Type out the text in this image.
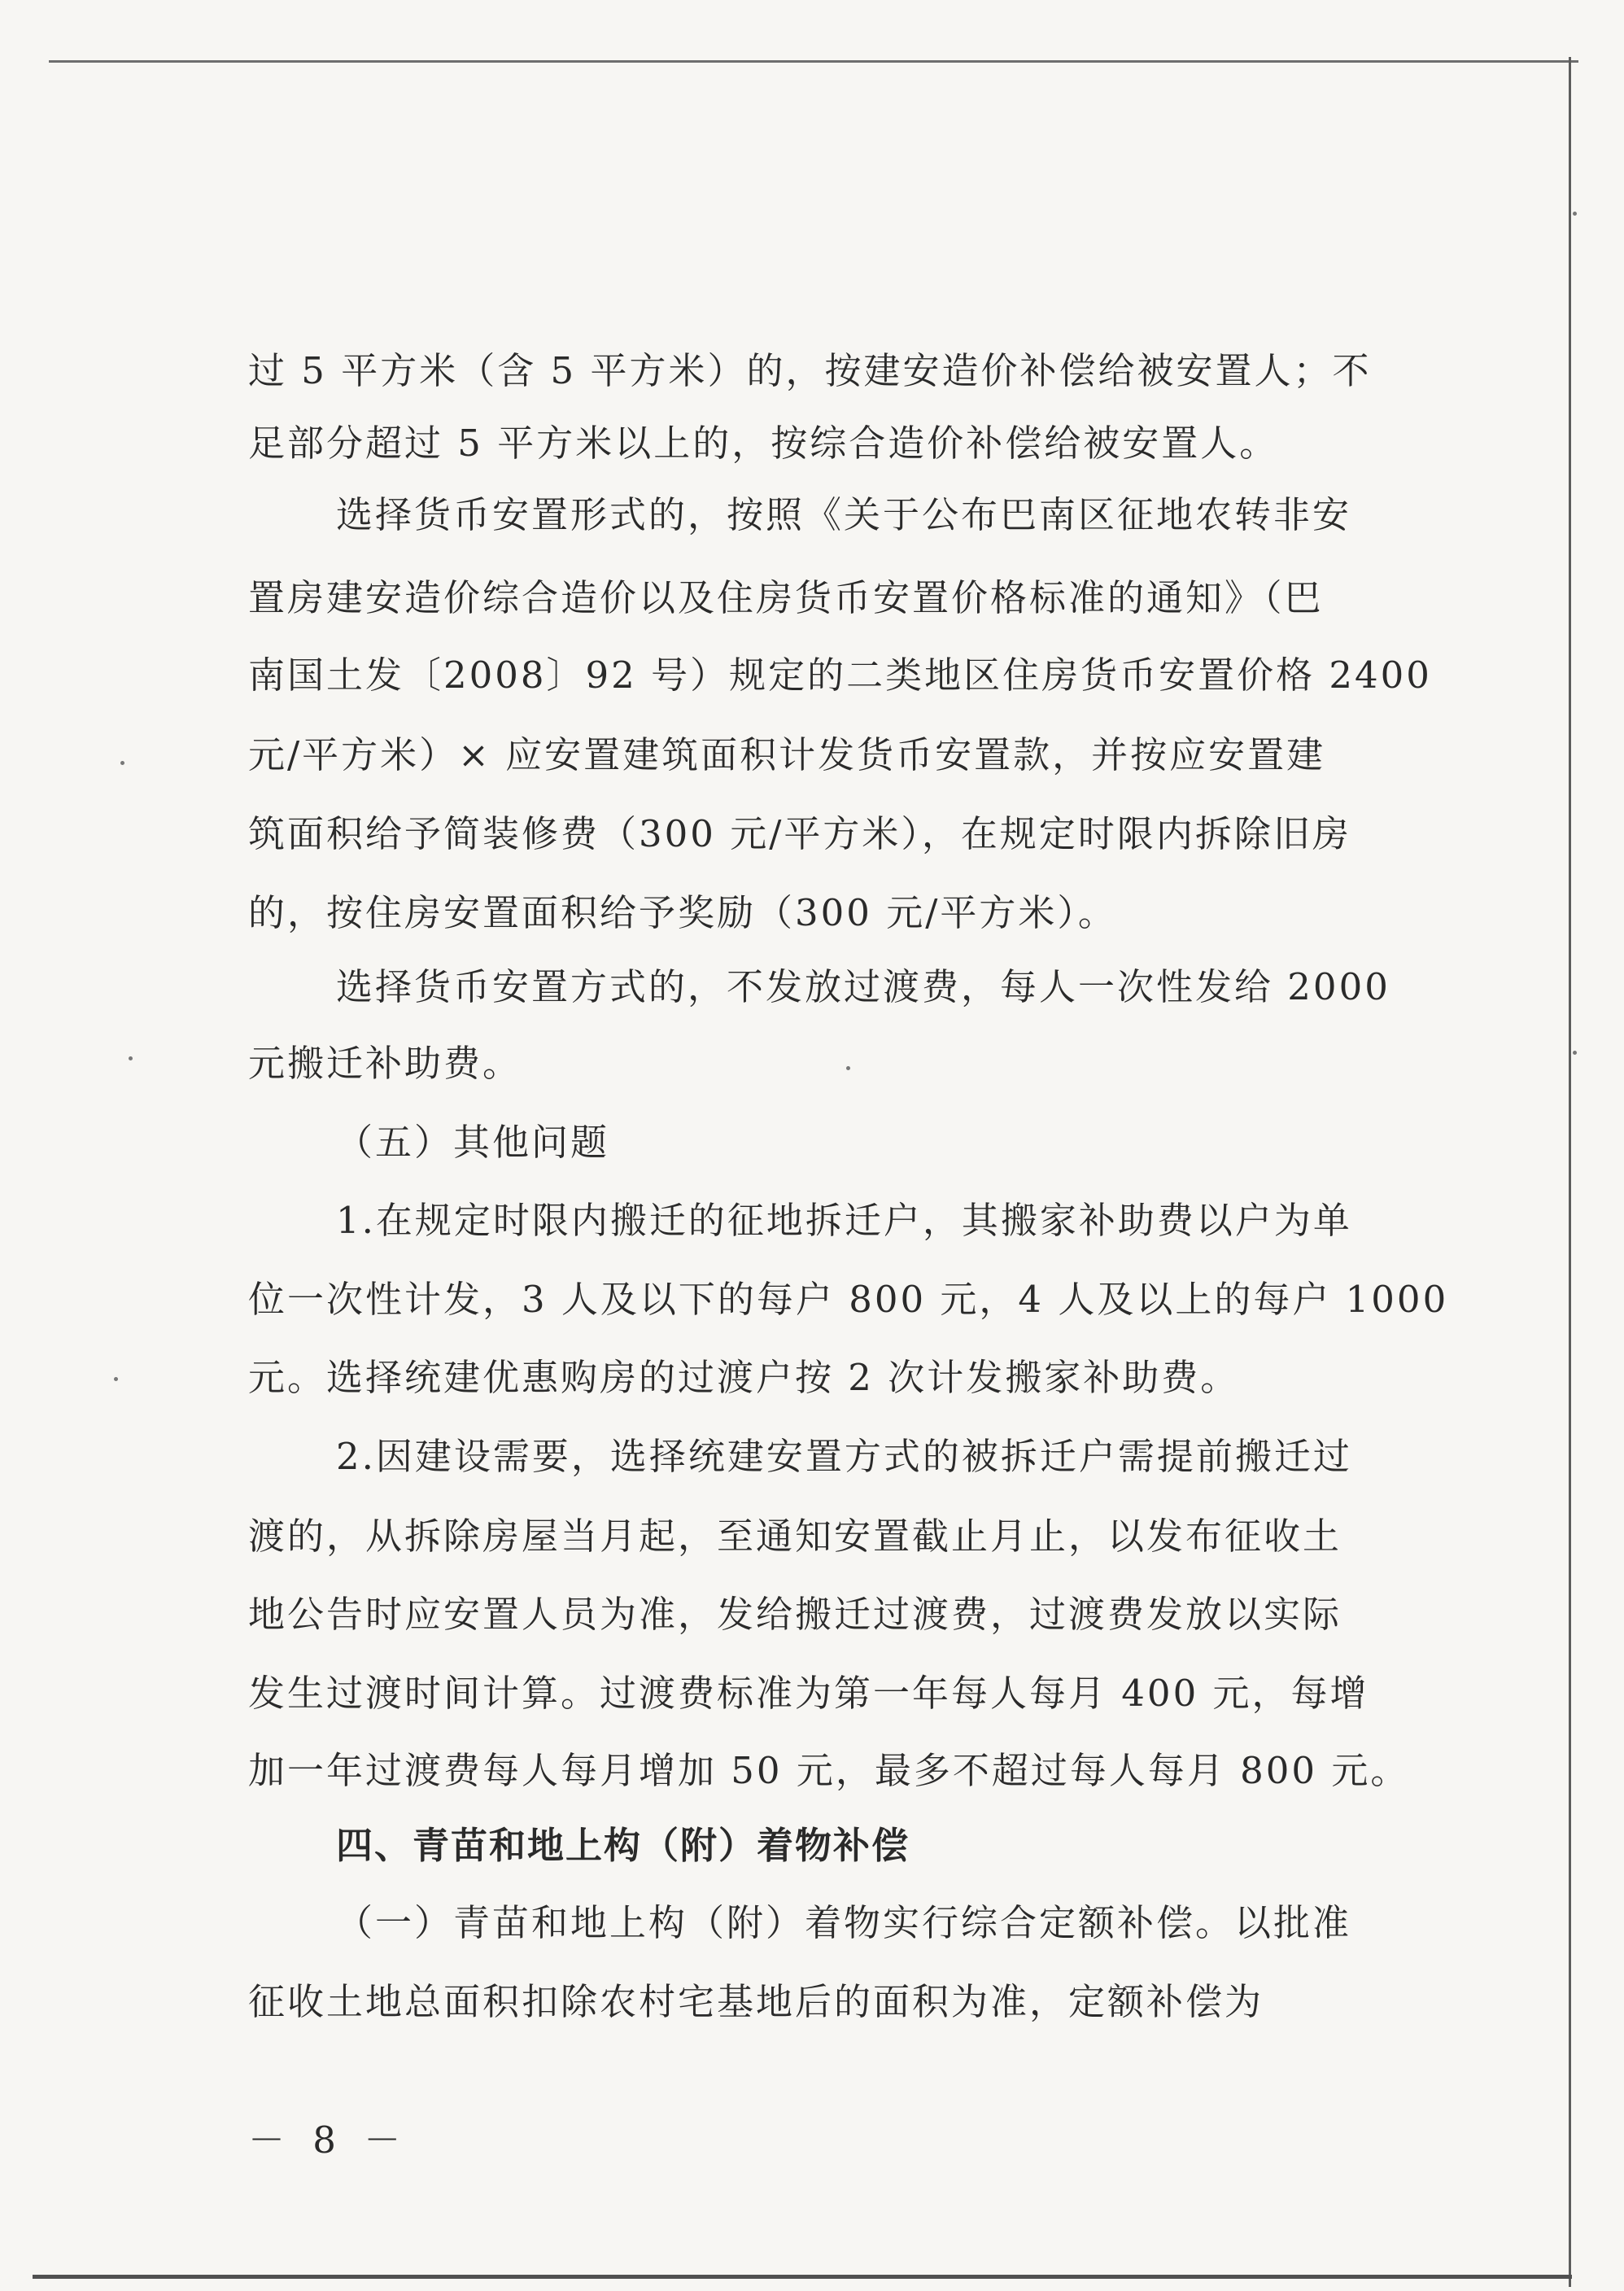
过 5 平方米（含 5 平方米）的，按建安造价补偿给被安置人；不
足部分超过 5 平方米以上的，按综合造价补偿给被安置人。
选择货币安置形式的，按照《关于公布巴南区征地农转非安
置房建安造价综合造价以及住房货币安置价格标准的通知》（巴
南国土发〔2008〕92 号）规定的二类地区住房货币安置价格 2400
元/平方米）× 应安置建筑面积计发货币安置款，并按应安置建
筑面积给予简装修费（300 元/平方米），在规定时限内拆除旧房
的，按住房安置面积给予奖励（300 元/平方米）。
选择货币安置方式的，不发放过渡费，每人一次性发给 2000
元搬迁补助费。
（五）其他问题
1.在规定时限内搬迁的征地拆迁户，其搬家补助费以户为单
位一次性计发，3 人及以下的每户 800 元，4 人及以上的每户 1000
元。选择统建优惠购房的过渡户按 2 次计发搬家补助费。
2.因建设需要，选择统建安置方式的被拆迁户需提前搬迁过
渡的，从拆除房屋当月起，至通知安置截止月止，以发布征收土
地公告时应安置人员为准，发给搬迁过渡费，过渡费发放以实际
发生过渡时间计算。过渡费标准为第一年每人每月 400 元，每增
加一年过渡费每人每月增加 50 元，最多不超过每人每月 800 元。
四、青苗和地上构（附）着物补偿
（一）青苗和地上构（附）着物实行综合定额补偿。以批准
征收土地总面积扣除农村宅基地后的面积为准，定额补偿为
－ 8 －
